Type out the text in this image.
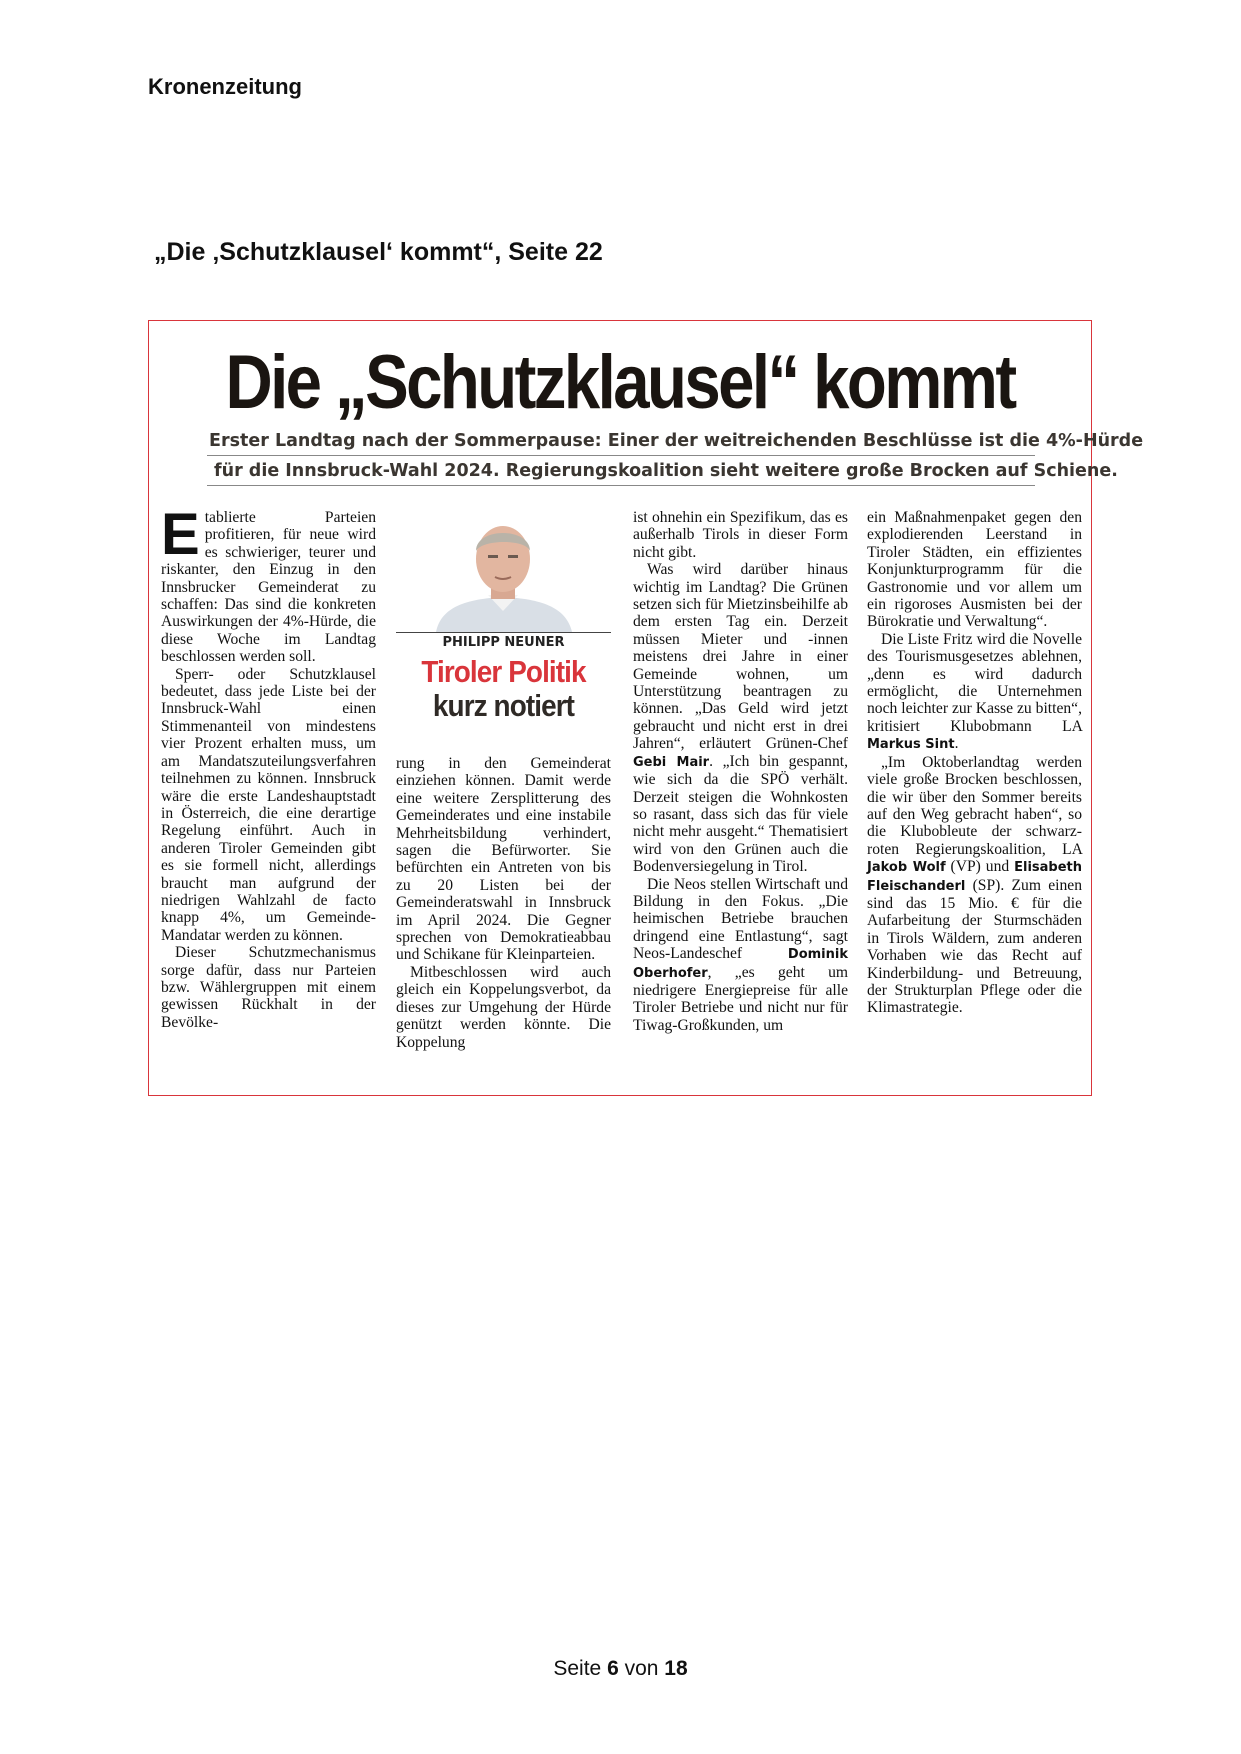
Kronenzeitung
„Die ‚Schutzklausel‘ kommt“, Seite 22
Die „Schutzklausel“ kommt
Erster Landtag nach der Sommerpause: Einer der weitreichenden Beschlüsse ist die 4%-Hürde
für die Innsbruck-Wahl 2024. Regierungskoalition sieht weitere große Brocken auf Schiene.

Etablierte Parteien profitieren, für neue wird es schwieriger, teurer und riskanter, den Einzug in den Innsbrucker Gemeinderat zu schaffen: Das sind die konkreten Auswirkungen der 4%-Hürde, die diese Woche im Landtag beschlossen werden soll.

Sperr- oder Schutzklausel bedeutet, dass jede Liste bei der Innsbruck-Wahl einen Stimmenanteil von mindestens vier Prozent erhalten muss, um am Mandatszuteilungsverfahren teilnehmen zu können. Innsbruck wäre die erste Landeshauptstadt in Österreich, die eine derartige Regelung einführt. Auch in anderen Tiroler Gemeinden gibt es sie formell nicht, allerdings braucht man aufgrund der niedrigen Wahlzahl de facto knapp 4%, um Gemeinde-Mandatar werden zu können.

Dieser Schutzmechanismus sorge dafür, dass nur Parteien bzw. Wählergruppen mit einem gewissen Rückhalt in der Bevölke-

PHILIPP NEUNER
Tiroler Politik
kurz notiert

rung in den Gemeinderat einziehen können. Damit werde eine weitere Zersplitterung des Gemeinderates und eine instabile Mehrheitsbildung verhindert, sagen die Befürworter. Sie befürchten ein Antreten von bis zu 20 Listen bei der Gemeinderatswahl in Innsbruck im April 2024. Die Gegner sprechen von Demokratieabbau und Schikane für Kleinparteien.

Mitbeschlossen wird auch gleich ein Koppelungsverbot, da dieses zur Umgehung der Hürde genützt werden könnte. Die Koppelung

ist ohnehin ein Spezifikum, das es außerhalb Tirols in dieser Form nicht gibt.

Was wird darüber hinaus wichtig im Landtag? Die Grünen setzen sich für Mietzinsbeihilfe ab dem ersten Tag ein. Derzeit müssen Mieter und -innen meistens drei Jahre in einer Gemeinde wohnen, um Unterstützung beantragen zu können. „Das Geld wird jetzt gebraucht und nicht erst in drei Jahren“, erläutert Grünen-Chef Gebi Mair. „Ich bin gespannt, wie sich da die SPÖ verhält. Derzeit steigen die Wohnkosten so rasant, dass sich das für viele nicht mehr ausgeht.“ Thematisiert wird von den Grünen auch die Bodenversiegelung in Tirol.

Die Neos stellen Wirtschaft und Bildung in den Fokus. „Die heimischen Betriebe brauchen dringend eine Entlastung“, sagt Neos-Landeschef	Dominik Oberhofer, „es geht um niedrigere Energiepreise für alle Tiroler Betriebe und nicht nur für Tiwag-Großkunden, um

ein Maßnahmenpaket gegen den explodierenden Leerstand in Tiroler Städten, ein effizientes Konjunkturprogramm für die Gastronomie und vor allem um ein rigoroses Ausmisten bei der Bürokratie und Verwaltung“.

Die Liste Fritz wird die Novelle des Tourismusgesetzes ablehnen, „denn es wird dadurch ermöglicht, die Unternehmen noch leichter zur Kasse zu bitten“, kritisiert Klubobmann LA Markus Sint.

„Im Oktoberlandtag werden viele große Brocken beschlossen, die wir über den Sommer bereits auf den Weg gebracht haben“, so die Klubobleute der schwarz-roten Regierungskoalition, LA Jakob Wolf (VP) und Elisabeth Fleischanderl (SP). Zum einen sind das 15 Mio. € für die Aufarbeitung der Sturmschäden in Tirols Wäldern, zum anderen Vorhaben wie das Recht auf Kinderbildung- und Betreuung, der Strukturplan Pflege oder die Klimastrategie.

Seite 6 von 18
